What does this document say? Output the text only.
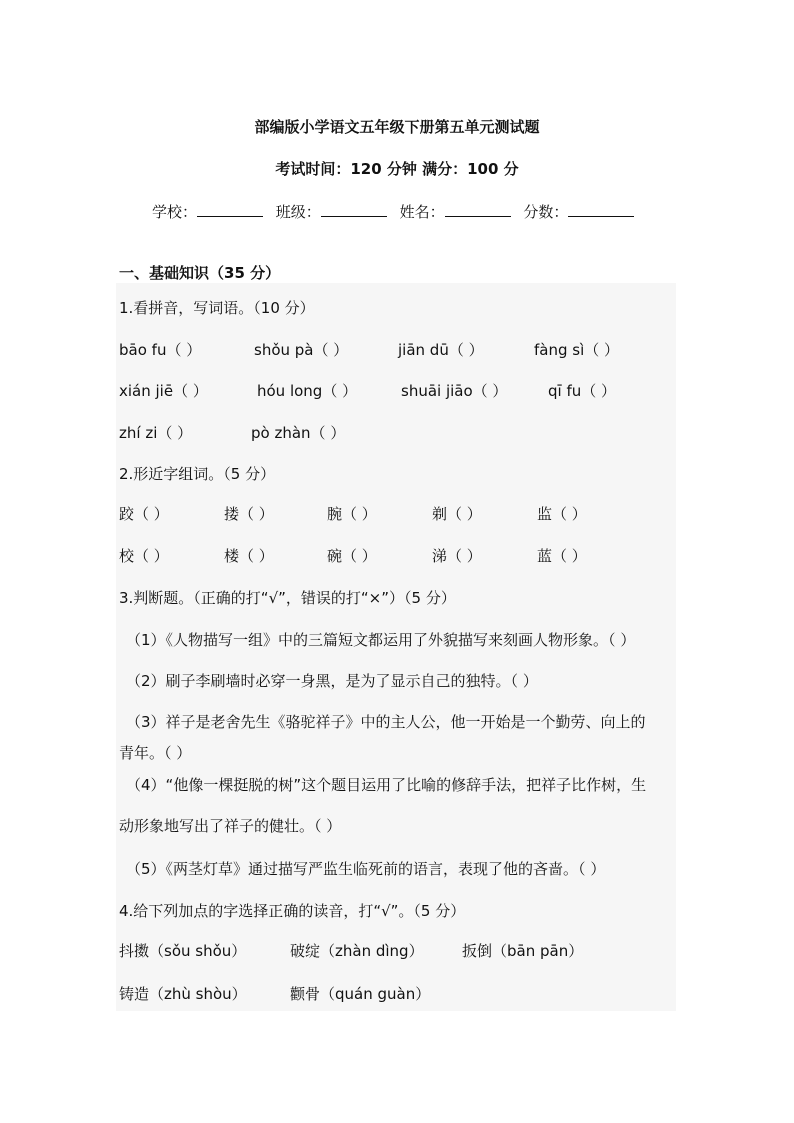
部编版小学语文五年级下册第五单元测试题
考试时间：120 分钟 满分：100 分
学校：	班级：	姓名：	分数：
一、基础知识（35 分）
1.看拼音，写词语。（10 分）
bāo fu（ ）	shǒu pà（ ）	jiān dū（ ）	fàng sì（ ）
xián jiē（ ）	hóu long（ ）	shuāi jiāo（ ）	qī fu（ ）
zhí zi（ ）	pò zhàn（ ）
2.形近字组词。（5 分）
跤（ ）	搂（ ）	腕（ ）	剃（ ）	监（ ）
校（ ）	楼（ ）	碗（ ）	涕（ ）	蓝（ ）
3.判断题。（正确的打“√”，错误的打“×”）（5 分）
（1）《人物描写一组》中的三篇短文都运用了外貌描写来刻画人物形象。（ ）
（2）刷子李刷墙时必穿一身黑，是为了显示自己的独特。（ ）
（3）祥子是老舍先生《骆驼祥子》中的主人公，他一开始是一个勤劳、向上的
青年。（ ）
（4）“他像一棵挺脱的树”这个题目运用了比喻的修辞手法，把祥子比作树，生
动形象地写出了祥子的健壮。（ ）
（5）《两茎灯草》通过描写严监生临死前的语言，表现了他的吝啬。（ ）
4.给下列加点的字选择正确的读音，打“√”。（5 分）
抖擞（sǒu shǒu）	破绽（zhàn dìng）	扳倒（bān pān）
铸造（zhù shòu）	颧骨（quán guàn）
